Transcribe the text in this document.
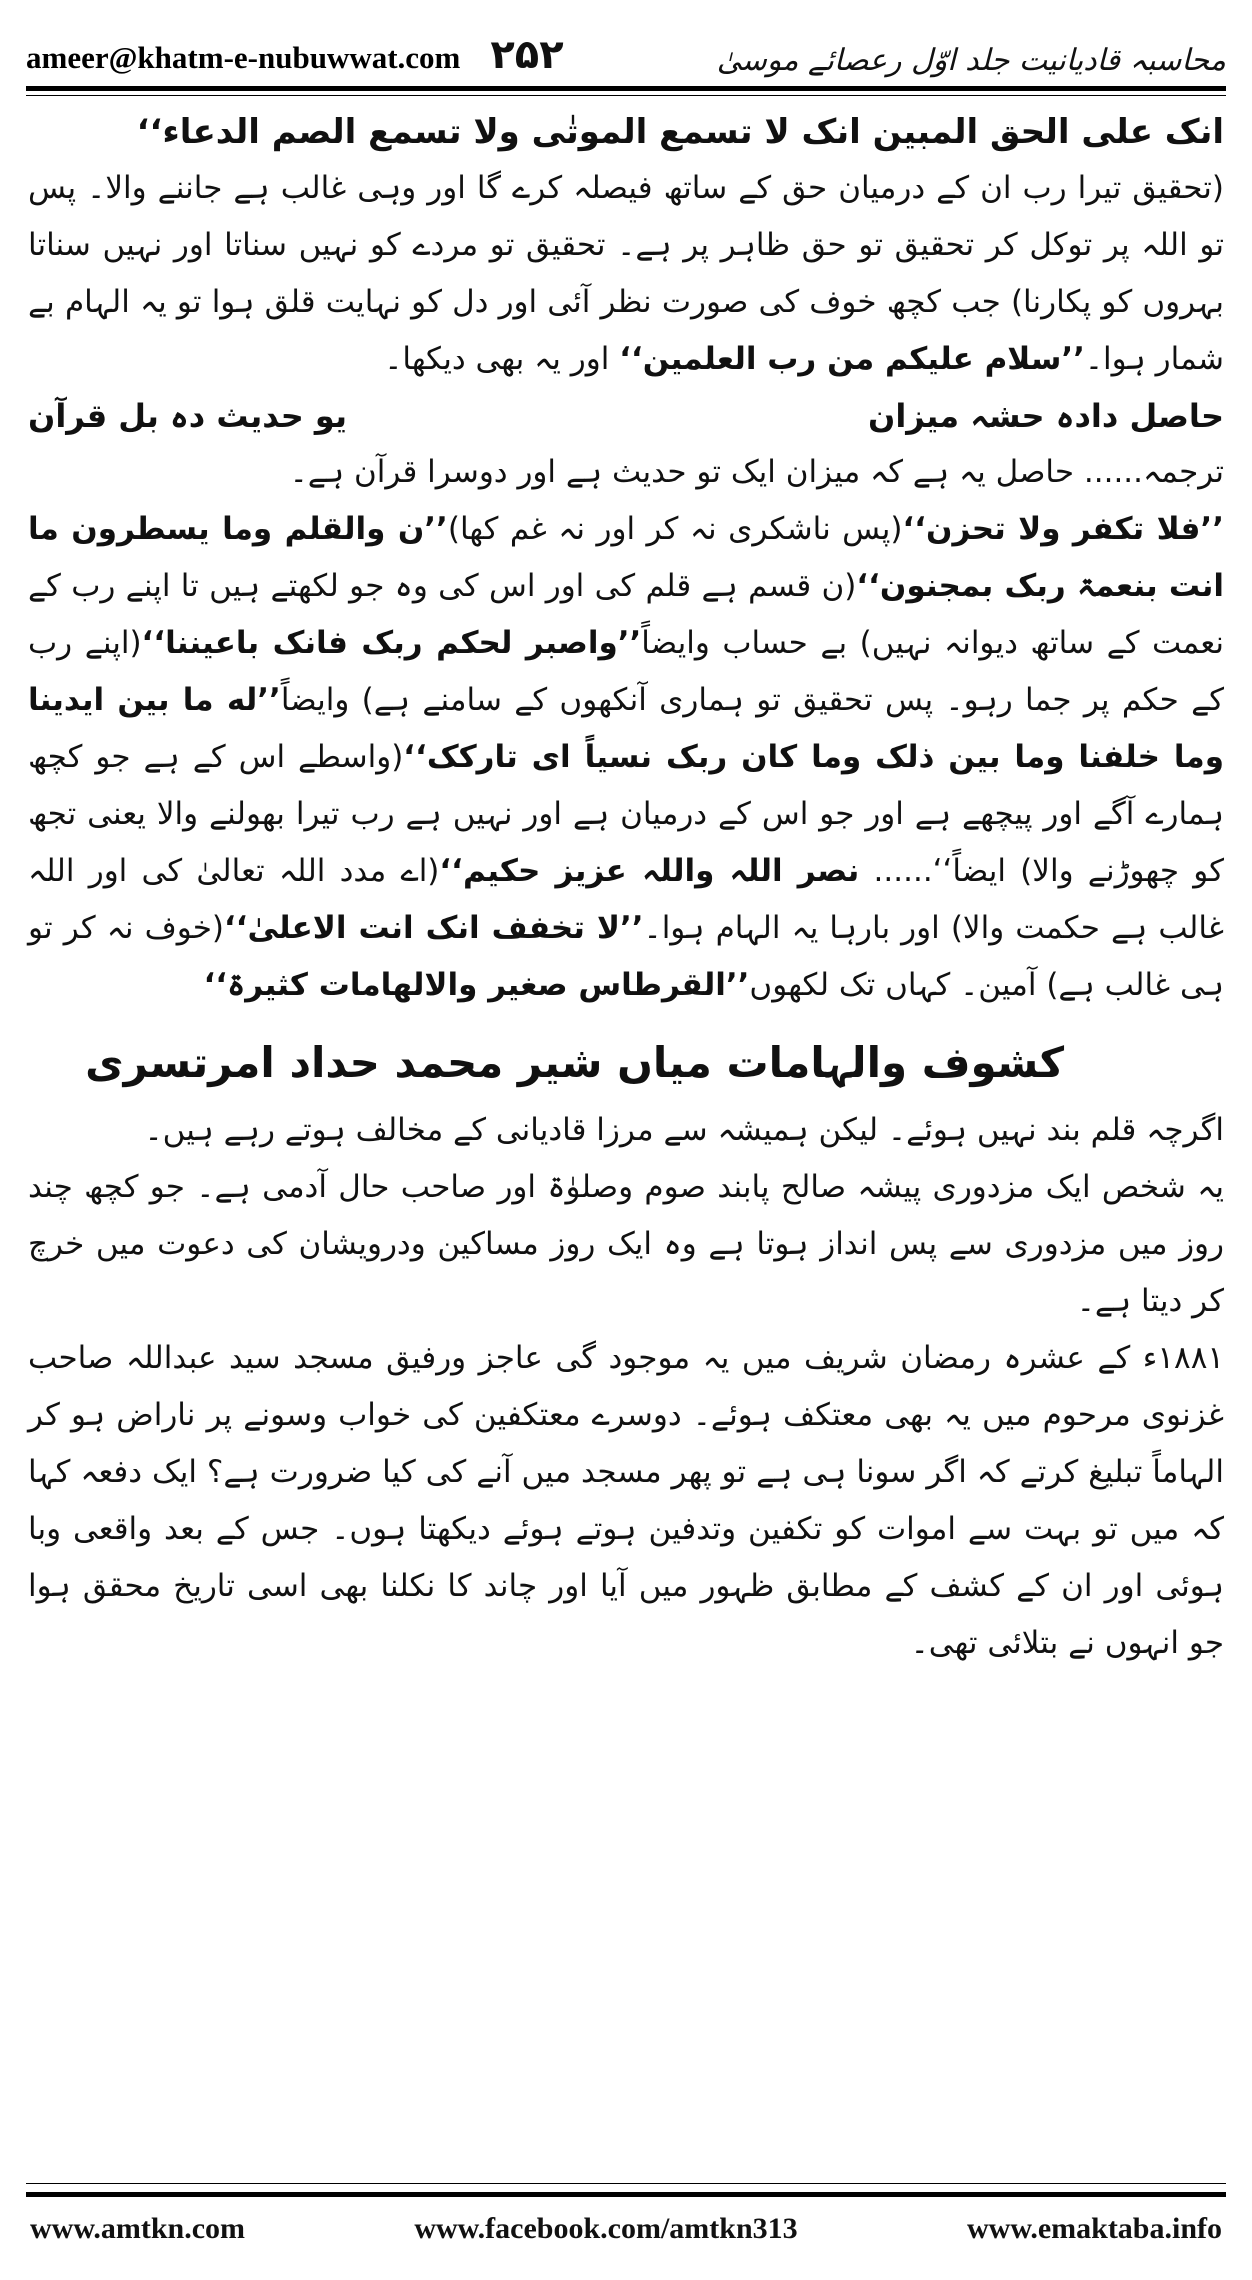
ameer@khatm-e-nubuwwat.com ۲۵۲	محاسبہ قادیانیت جلد اوّل رعصائے موسیٰ

انک علی الحق المبین انک لا تسمع الموتٰی ولا تسمع الصم الدعاء‘‘

(تحقیق تیرا رب ان کے درمیان حق کے ساتھ فیصلہ کرے گا اور وہی غالب ہے جاننے والا۔ پس تو اللہ پر توکل کر تحقیق تو حق ظاہر پر ہے۔ تحقیق تو مردے کو نہیں سناتا اور نہیں سناتا بہروں کو پکارنا) جب کچھ خوف کی صورت نظر آئی اور دل کو نہایت قلق ہوا تو یہ الہام بے شمار ہوا۔’’سلام علیکم من رب العلمین‘‘ اور یہ بھی دیکھا۔

حاصل دادہ حشہ میزان
یو حدیث دہ بل قرآن

ترجمہ...... حاصل یہ ہے کہ میزان ایک تو حدیث ہے اور دوسرا قرآن ہے۔

’’فلا تکفر ولا تحزن‘‘(پس ناشکری نہ کر اور نہ غم کھا)’’ن والقلم وما یسطرون ما انت بنعمۃ ربک بمجنون‘‘(ن قسم ہے قلم کی اور اس کی وہ جو لکھتے ہیں تا اپنے رب کے نعمت کے ساتھ دیوانہ نہیں) بے حساب وایضاً’’واصبر لحکم ربک فانک باعیننا‘‘(اپنے رب کے حکم پر جما رہو۔ پس تحقیق تو ہماری آنکھوں کے سامنے ہے) وایضاً’’له ما بین ایدینا وما خلفنا وما بین ذلک وما کان ربک نسیاً ای تارکک‘‘(واسطے اس کے ہے جو کچھ ہمارے آگے اور پیچھے ہے اور جو اس کے درمیان ہے اور نہیں ہے رب تیرا بھولنے والا یعنی تجھ کو چھوڑنے والا) ایضاً‘‘...... نصر اللہ واللہ عزیز حکیم‘‘(اے مدد اللہ تعالیٰ کی اور اللہ غالب ہے حکمت والا) اور بارہا یہ الہام ہوا۔’’لا تخفف انک انت الاعلیٰ‘‘(خوف نہ کر تو ہی غالب ہے) آمین۔ کہاں تک لکھوں’’القرطاس صغیر والالھامات کثیرۃ‘‘

کشوف والہامات میاں شیر محمد حداد امرتسری

اگرچہ قلم بند نہیں ہوئے۔ لیکن ہمیشہ سے مرزا قادیانی کے مخالف ہوتے رہے ہیں۔

یہ شخص ایک مزدوری پیشہ صالح پابند صوم وصلوٰۃ اور صاحب حال آدمی ہے۔ جو کچھ چند روز میں مزدوری سے پس انداز ہوتا ہے وہ ایک روز مساکین ودرویشان کی دعوت میں خرچ کر دیتا ہے۔

۱۸۸۱ء کے عشرہ رمضان شریف میں یہ موجود گی عاجز ورفیق مسجد سید عبداللہ صاحب غزنوی مرحوم میں یہ بھی معتکف ہوئے۔ دوسرے معتکفین کی خواب وسونے پر ناراض ہو کر الہاماً تبلیغ کرتے کہ اگر سونا ہی ہے تو پھر مسجد میں آنے کی کیا ضرورت ہے؟ ایک دفعہ کہا کہ میں تو بہت سے اموات کو تکفین وتدفین ہوتے ہوئے دیکھتا ہوں۔ جس کے بعد واقعی وبا ہوئی اور ان کے کشف کے مطابق ظہور میں آیا اور چاند کا نکلنا بھی اسی تاریخ محقق ہوا جو انہوں نے بتلائی تھی۔

www.amtkn.com	www.facebook.com/amtkn313	www.emaktaba.info
